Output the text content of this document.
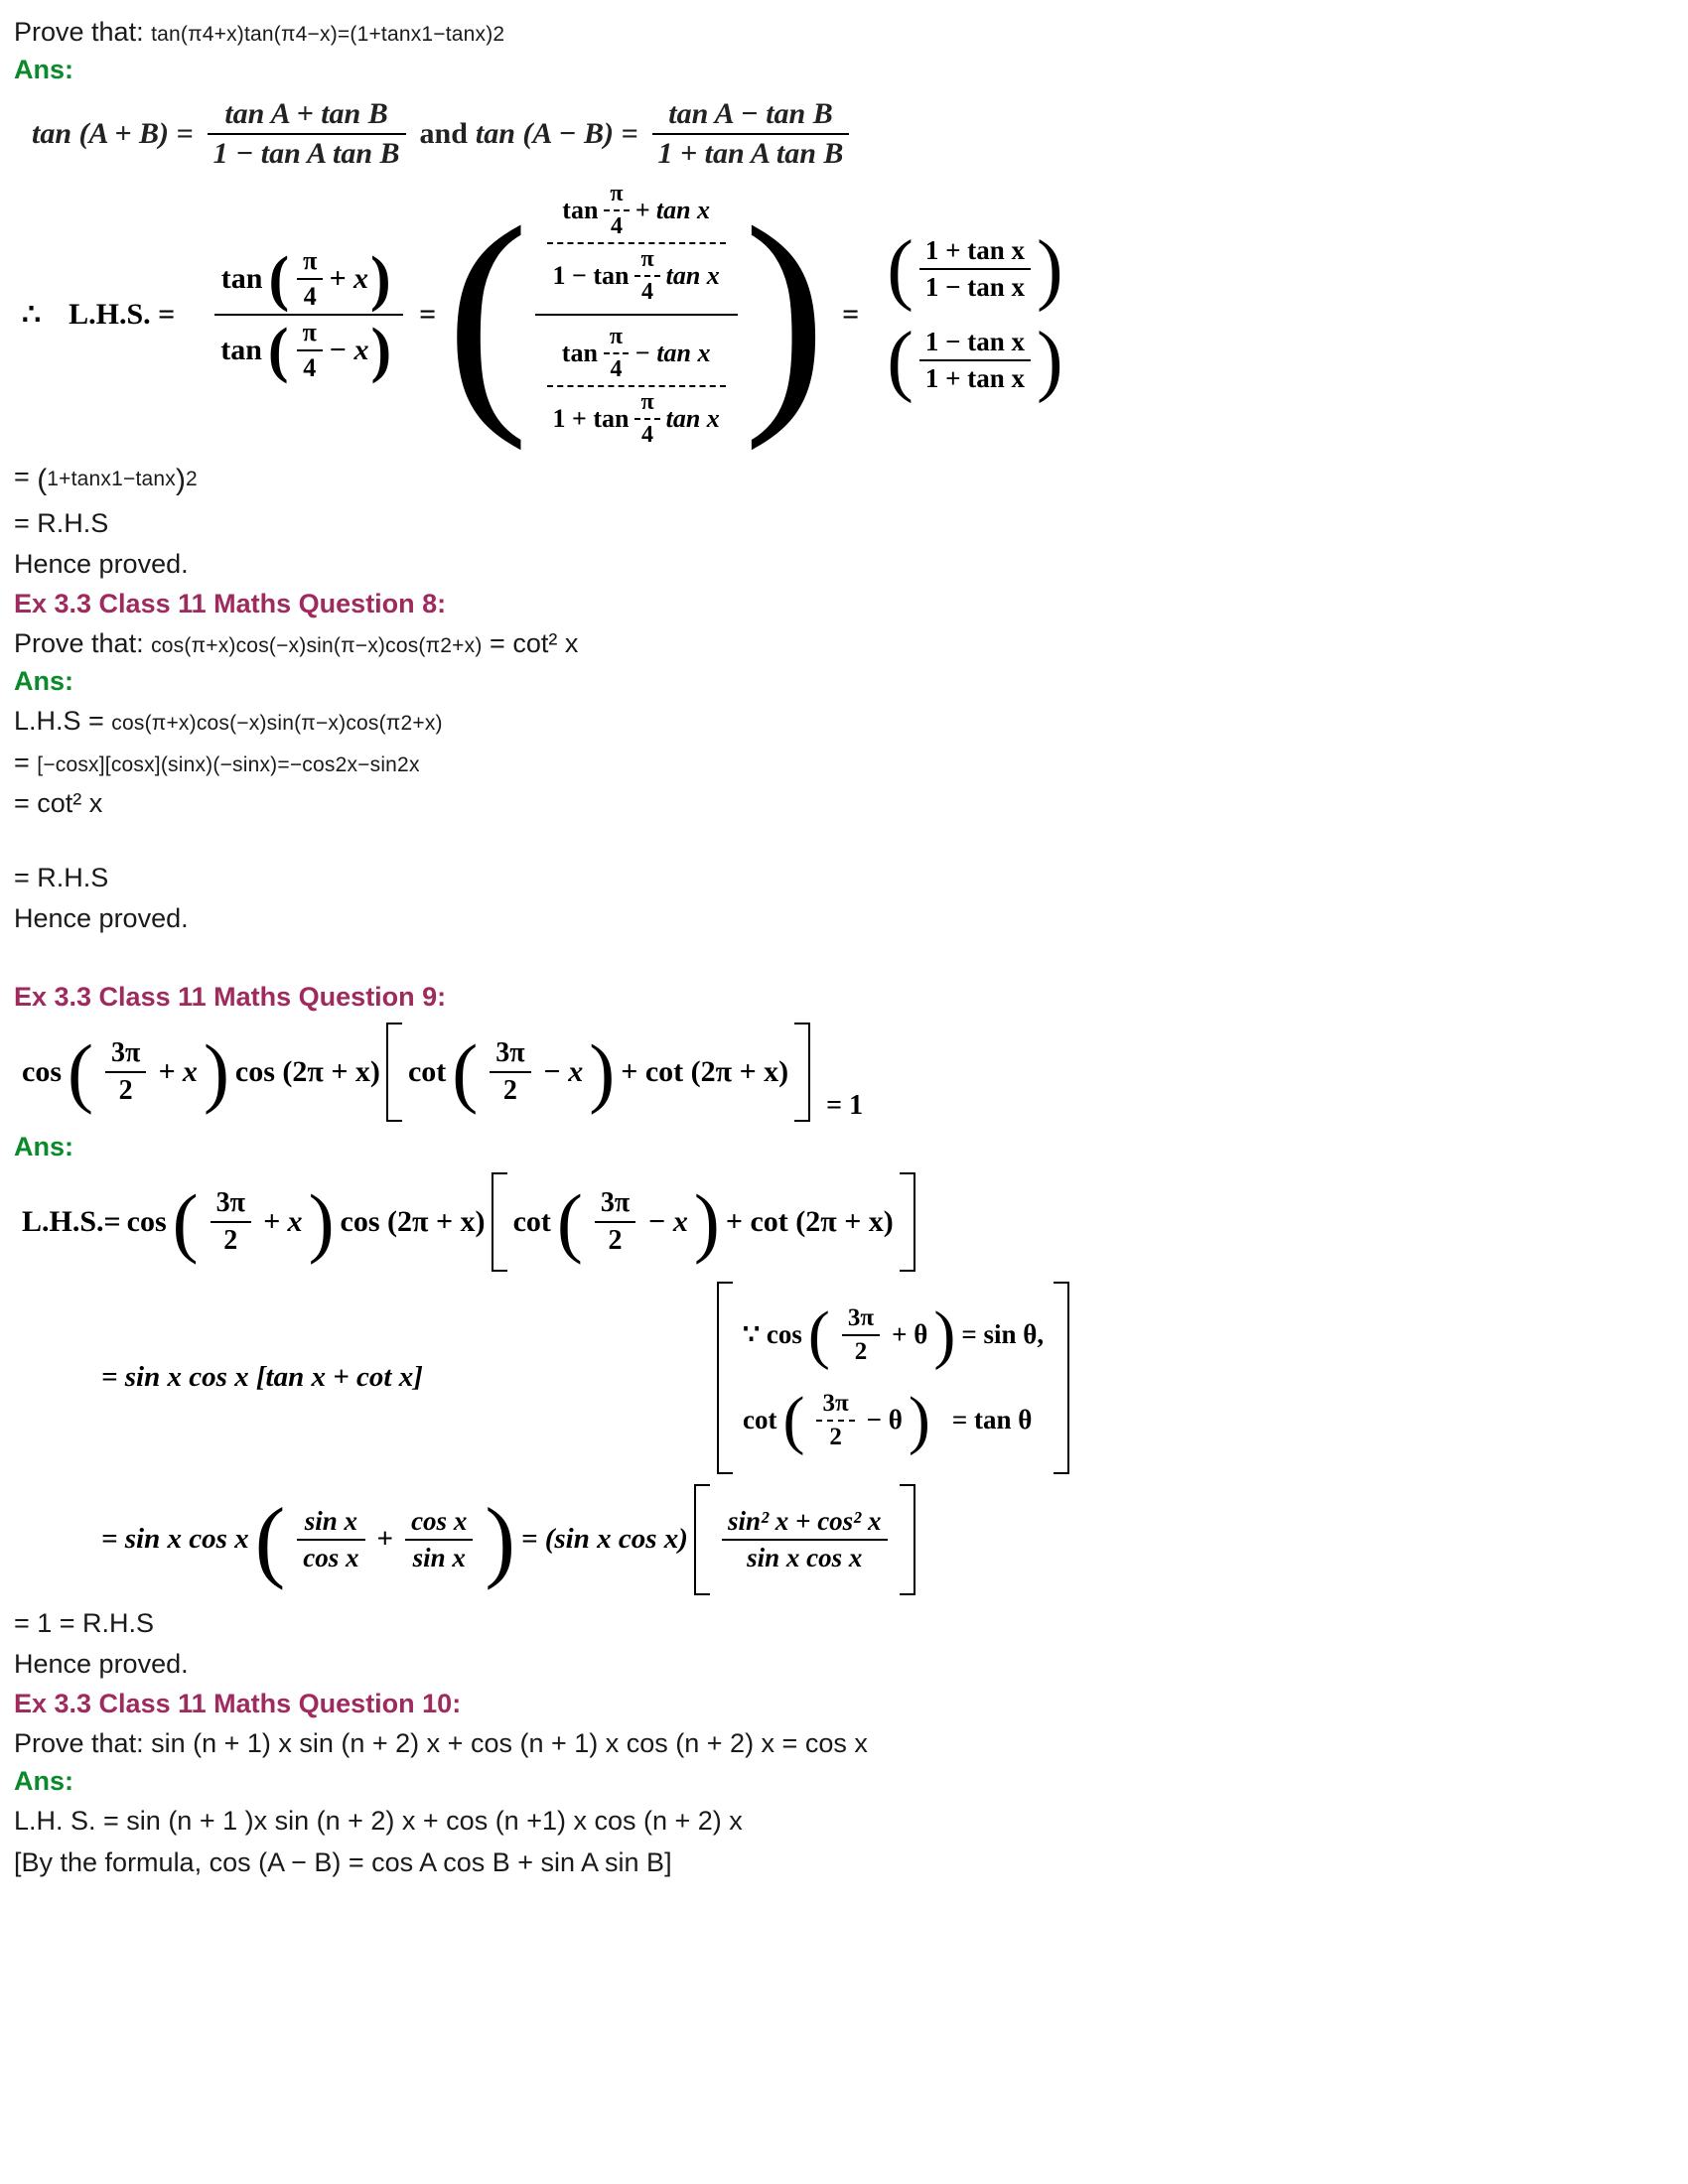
Prove that: tan(π4+x)tan(π4−x)=(1+tanx1−tanx)2
Ans:
$\tan (A + B) = \frac{\text{tan A + tan B}}{\text{1 − tan A tan B}}$ and $\tan (A - B) = \frac{\text{tan A − tan B}}{\text{1 + tan A tan B}}$
∴ L.H.S. =
tan ( $\frac{\pi}{4} + x$ )
tan ( $\frac{\pi}{4} - x$ )
= ( $\tan \frac{\pi}{4} + \tan x$
$1 - \tan \frac{\pi}{4}$ tan x
$\tan \frac{\pi}{4} - \tan x$
$1 + \tan \frac{\pi}{4}$ tan x ) =
( $\frac{\text{1 + tan x}}{\text{1 − tan x}}$ )
( $\frac{\text{1 − tan x}}{\text{1 + tan x}}$ )
= (1+tanx1−tanx)2
= R.H.S
Hence proved.
Ex 3.3 Class 11 Maths Question 8:
Prove that: cos(π+x)cos(−x)sin(π−x)cos(π2+x) = cot² x
Ans:
L.H.S = cos(π+x)cos(−x)sin(π−x)cos(π2+x)
= [−cosx][cosx](sinx)(−sinx)=−cos2x−sin2x
= cot² x
= R.H.S
Hence proved.
Ex 3.3 Class 11 Maths Question 9:
cos ( $\frac{3\pi}{2} + x$ ) cos (2π + x) cot ( $\frac{3\pi}{2} - x$ ) + cot (2π + x)
= 1
Ans:
L.H.S.= cos ( $\frac{3\pi}{2} + x$ ) cos (2π + x) cot ( $\frac{3\pi}{2} - x$ ) + cot (2π + x)
= sin x cos x [tan x + cot x]
∵ cos ( $\frac{3\pi}{2} + \theta$ ) = sin θ,
cot ( $\frac{3\pi}{2} - \theta$ ) = tan θ
= sin x cos x ( $\frac{\text{sin x}}{\text{cos x}} + \frac{\text{cos x}}{\text{sin x}}$ ) = (sin x $\cos x) \frac{\text{sin² x + cos² x}}{\text{sin x cos x}}$
= 1 = R.H.S
Hence proved.
Ex 3.3 Class 11 Maths Question 10:
Prove that: sin (n + 1) x sin (n + 2) x + cos (n + 1) x cos (n + 2) x = cos x
Ans:
L.H. S. = sin (n + 1 )x sin (n + 2) x + cos (n +1) x cos (n + 2) x
[By the formula, cos (A − B) = cos A cos B + sin A sin B]
